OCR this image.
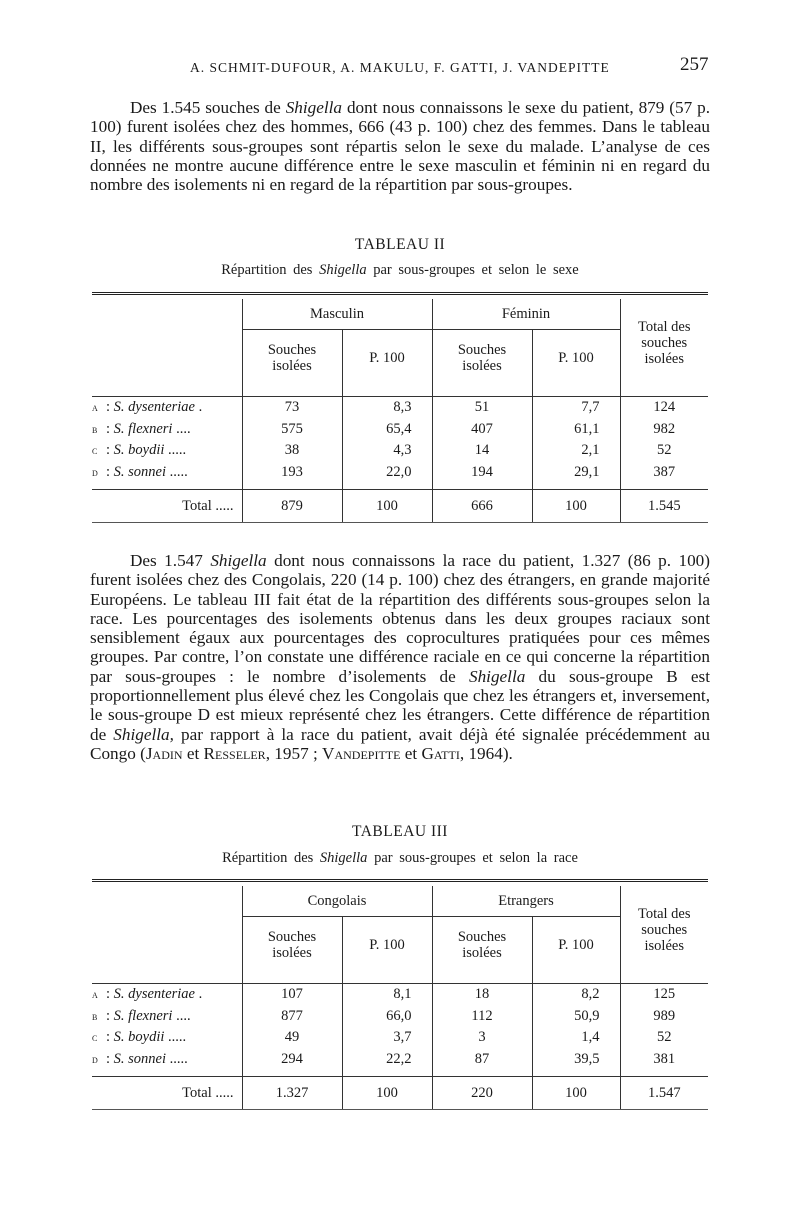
A. SCHMIT-DUFOUR, A. MAKULU, F. GATTI, J. VANDEPITTE	257

Des 1.545 souches de Shigella dont nous connaissons le sexe du patient, 879 (57 p. 100) furent isolées chez des hommes, 666 (43 p. 100) chez des femmes. Dans le tableau II, les différents sous-groupes sont répartis selon le sexe du malade. L’analyse de ces données ne montre aucune différence entre le sexe masculin et féminin ni en regard du nombre des isolements ni en regard de la répartition par sous-groupes.

TABLEAU II
Répartition des Shigella par sous-groupes et selon le sexe

	Masculin		Féminin		Total des
souches
isolées
	Souches
isolées	P. 100	Souches
isolées	P. 100	

a : S. dysenteriae .	73	8,3	51	7,7	124
b : S. flexneri ....	575	65,4	407	61,1	982
c : S. boydii .....	38	4,3	14	2,1	52
d : S. sonnei .....	193	22,0	194	29,1	387

Total .....	879	100	666	100	1.545

Des 1.547 Shigella dont nous connaissons la race du patient, 1.327 (86 p. 100) furent isolées chez des Congolais, 220 (14 p. 100) chez des étrangers, en grande majorité Européens. Le tableau III fait état de la répartition des différents sous-groupes selon la race. Les pourcentages des isolements obtenus dans les deux groupes raciaux sont sensiblement égaux aux pourcentages des coprocultures pratiquées pour ces mêmes groupes. Par contre, l’on constate une différence raciale en ce qui concerne la répartition par sous-groupes : le nombre d’isolements de Shigella du sous-groupe B est proportionnellement plus élevé chez les Congolais que chez les étrangers et, inversement, le sous-groupe D est mieux représenté chez les étrangers. Cette différence de répartition de Shigella, par rapport à la race du patient, avait déjà été signalée précédemment au Congo (Jadin et Resseler, 1957 ; Vandepitte et Gatti, 1964).

TABLEAU III
Répartition des Shigella par sous-groupes et selon la race

	Congolais		Etrangers		Total des
souches
isolées
	Souches
isolées	P. 100	Souches
isolées	P. 100	

a : S. dysenteriae .	107	8,1	18	8,2	125
b : S. flexneri ....	877	66,0	112	50,9	989
c : S. boydii .....	49	3,7	3	1,4	52
d : S. sonnei .....	294	22,2	87	39,5	381

Total .....	1.327	100	220	100	1.547
